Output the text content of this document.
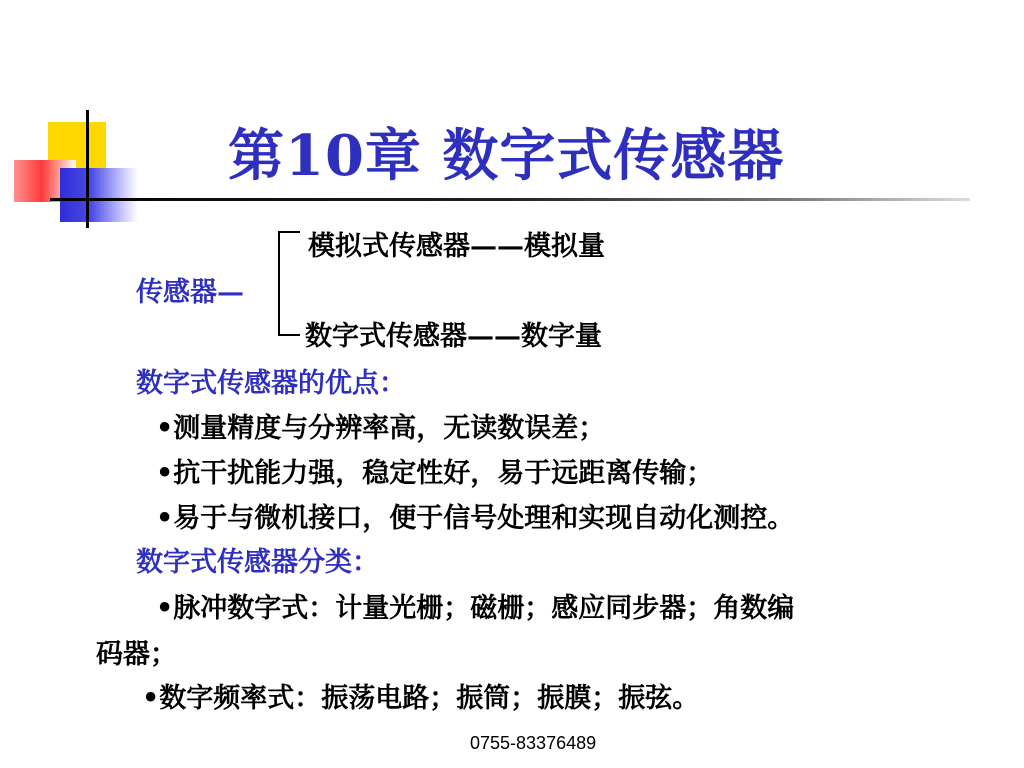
第10章 数字式传感器
模拟式传感器——模拟量
传感器—
数字式传感器——数字量
数字式传感器的优点：
•测量精度与分辨率高，无读数误差；
•抗干扰能力强，稳定性好，易于远距离传输；
•易于与微机接口，便于信号处理和实现自动化测控。
数字式传感器分类：
•脉冲数字式：计量光栅；磁栅；感应同步器；角数编
码器；
•数字频率式：振荡电路；振筒；振膜；振弦。
0755-83376489
